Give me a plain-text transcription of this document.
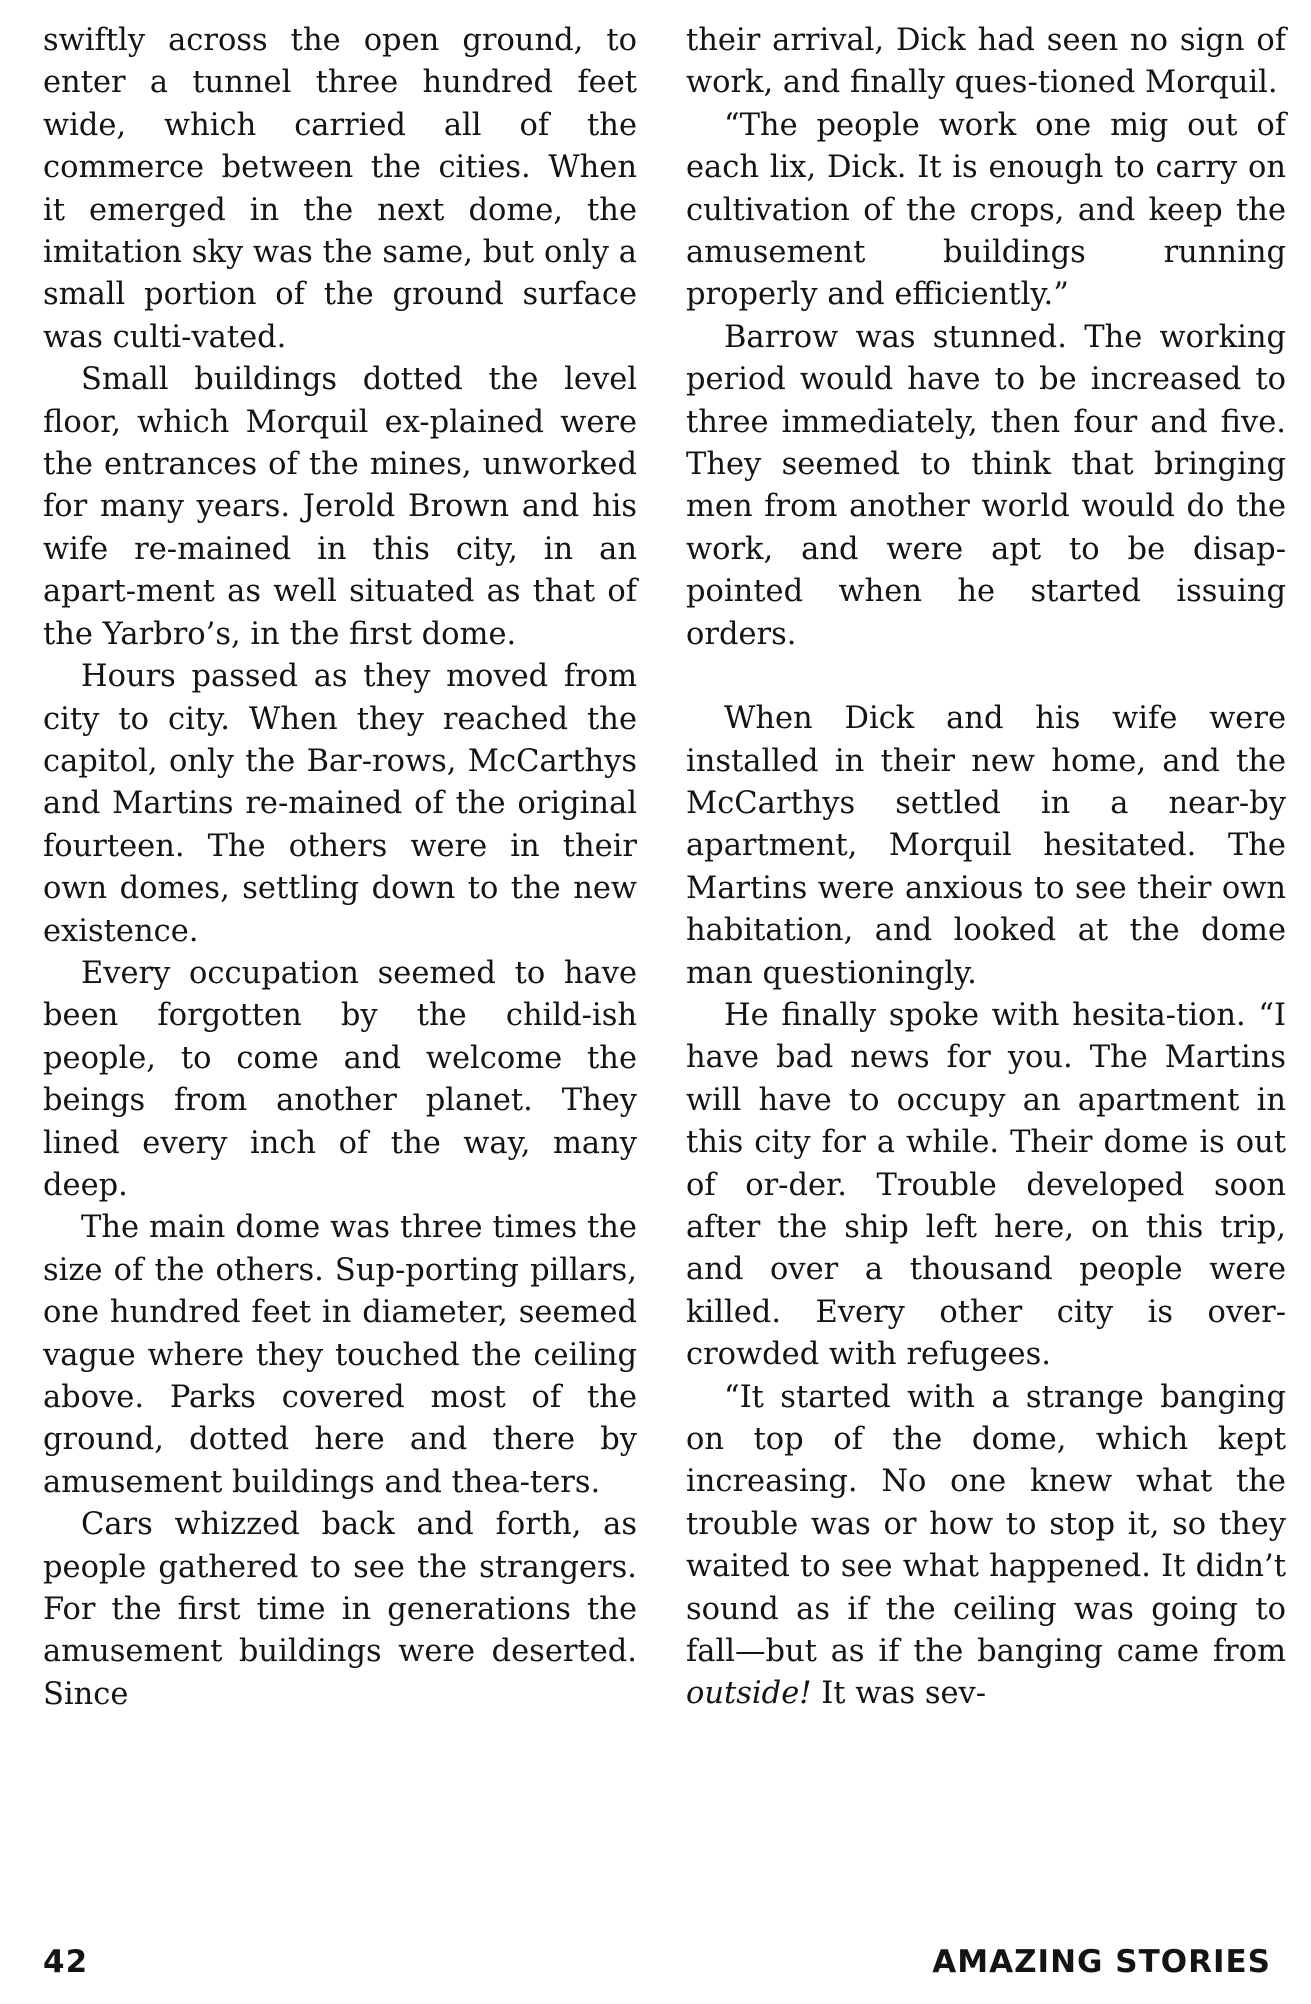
swiftly across the open ground, to enter a tunnel three hundred feet wide, which carried all of the commerce between the cities. When it emerged in the next dome, the imitation sky was the same, but only a small portion of the ground surface was culti-vated.

Small buildings dotted the level floor, which Morquil ex-plained were the entrances of the mines, unworked for many years. Jerold Brown and his wife re-mained in this city, in an apart-ment as well situated as that of the Yarbro’s, in the first dome.

Hours passed as they moved from city to city. When they reached the capitol, only the Bar-rows, McCarthys and Martins re-mained of the original fourteen. The others were in their own domes, settling down to the new existence.

Every occupation seemed to have been forgotten by the child-ish people, to come and welcome the beings from another planet. They lined every inch of the way, many deep.

The main dome was three times the size of the others. Sup-porting pillars, one hundred feet in diameter, seemed vague where they touched the ceiling above. Parks covered most of the ground, dotted here and there by amusement buildings and thea-ters.

Cars whizzed back and forth, as people gathered to see the strangers. For the first time in generations the amusement buildings were deserted. Since

their arrival, Dick had seen no sign of work, and finally ques-tioned Morquil.

“The people work one mig out of each lix, Dick. It is enough to carry on cultivation of the crops, and keep the amusement buildings running properly and efficiently.”

Barrow was stunned. The working period would have to be increased to three immediately, then four and five. They seemed to think that bringing men from another world would do the work, and were apt to be disap-pointed when he started issuing orders.

When Dick and his wife were installed in their new home, and the McCarthys settled in a near-by apartment, Morquil hesitated. The Martins were anxious to see their own habitation, and looked at the dome man questioningly.

He finally spoke with hesita-tion. “I have bad news for you. The Martins will have to occupy an apartment in this city for a while. Their dome is out of or-der. Trouble developed soon after the ship left here, on this trip, and over a thousand people were killed. Every other city is over-crowded with refugees.

“It started with a strange banging on top of the dome, which kept increasing. No one knew what the trouble was or how to stop it, so they waited to see what happened. It didn’t sound as if the ceiling was going to fall—but as if the banging came from outside! It was sev-

42	AMAZING STORIES
